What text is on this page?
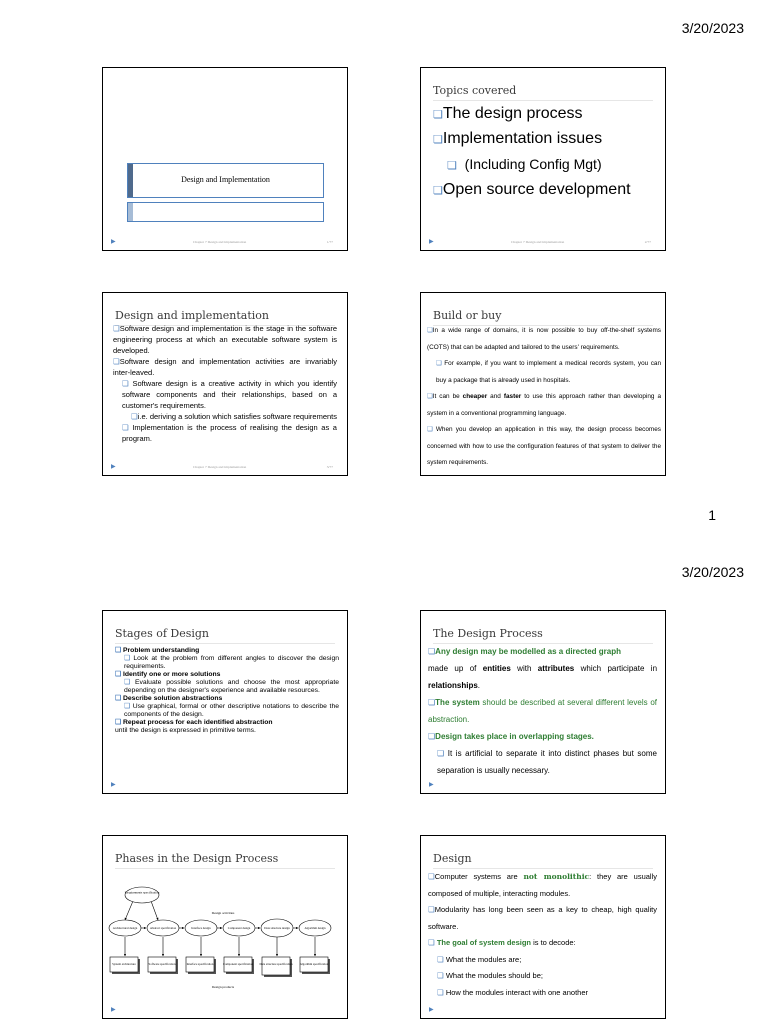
3/20/2023
Design and Implementation
Chapter 7 Design and implementation	1/77
▶
Topics covered
❏The design process
❏Implementation issues
❏ (Including Config Mgt)
❏Open source development
Chapter 7 Design and implementation	2/77
▶
Design and implementation
❏Software design and implementation is the stage in the software engineering process at which an executable software system is developed.
❏Software design and implementation activities are invariably inter-leaved.
❏ Software design is a creative activity in which you identify software components and their relationships, based on a customer's requirements.
❏i.e. deriving a solution which satisfies software requirements
❏ Implementation is the process of realising the design as a program.
Chapter 7 Design and implementation	3/77
▶
Build or buy
❏In a wide range of domains, it is now possible to buy off-the-shelf systems (COTS) that can be adapted and tailored to the users' requirements.
❏ For example, if you want to implement a medical records system, you can buy a package that is already used in hospitals.
❏It can be cheaper and faster to use this approach rather than developing a system in a conventional programming language.
❏ When you develop an application in this way, the design process becomes concerned with how to use the configuration features of that system to deliver the system requirements.
1
3/20/2023
Stages of Design
❏ Problem understanding
❏ Look at the problem from different angles to discover the design requirements.
❏ Identify one or more solutions
❏ Evaluate possible solutions and choose the most appropriate depending on the designer's experience and available resources.
❏ Describe solution abstractions
❏ Use graphical, formal or other descriptive notations to describe the components of the design.
❏ Repeat process for each identified abstraction
until the design is expressed in primitive terms.
▶
The Design Process
❏Any design may be modelled as a directed graph
made up of entities with attributes which participate in relationships.
❏The system should be described at several different levels of abstraction.
❏Design takes place in overlapping stages.
❏ It is artificial to separate it into distinct phases but some separation is usually necessary.
▶
Phases in the Design Process
Requirements specification
Architectural design	Abstract specification	Interface design	Component design	Data structure design	Algorithm design
Design activities
System architecture	Software specification	Interface specification	Component specification Data structure specification Algorithm specification
Design products
▶
Design
❏Computer systems are not monolithic: they are usually composed of multiple, interacting modules.
❏Modularity has long been seen as a key to cheap, high quality software.
❏ The goal of system design is to decode:
❏ What the modules are;
❏ What the modules should be;
❏ How the modules interact with one another
▶
